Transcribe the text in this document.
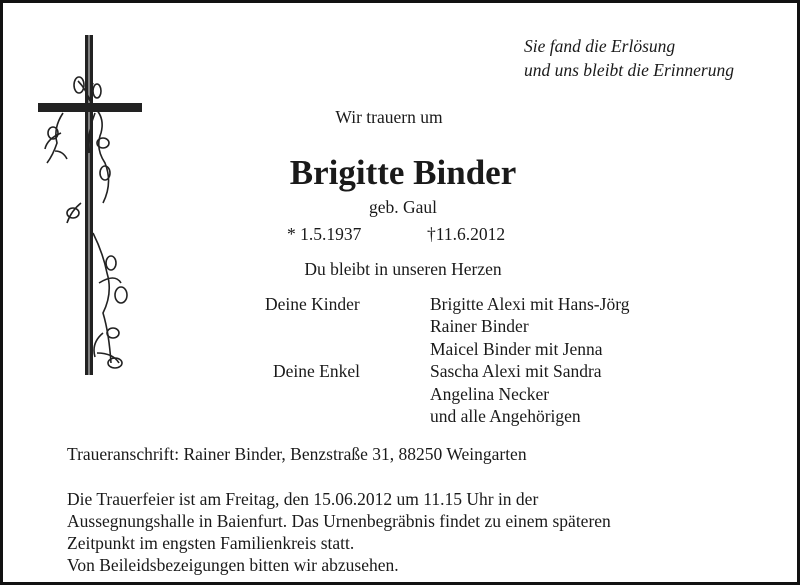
Sie fand die Erlösung
und uns bleibt die Erinnerung
Wir trauern um
Brigitte Binder
geb. Gaul
* 1.5.1937	†11.6.2012
Du bleibt in unseren Herzen
Deine Kinder
Deine Enkel
Brigitte Alexi mit Hans-Jörg
Rainer Binder
Maicel Binder mit Jenna
Sascha Alexi mit Sandra
Angelina Necker
und alle Angehörigen
Traueranschrift: Rainer Binder, Benzstraße 31, 88250 Weingarten
Die Trauerfeier ist am Freitag, den 15.06.2012 um 11.15 Uhr in der
Aussegnungshalle in Baienfurt. Das Urnenbegräbnis findet zu einem späteren
Zeitpunkt im engsten Familienkreis statt.
Von Beileidsbezeigungen bitten wir abzusehen.
